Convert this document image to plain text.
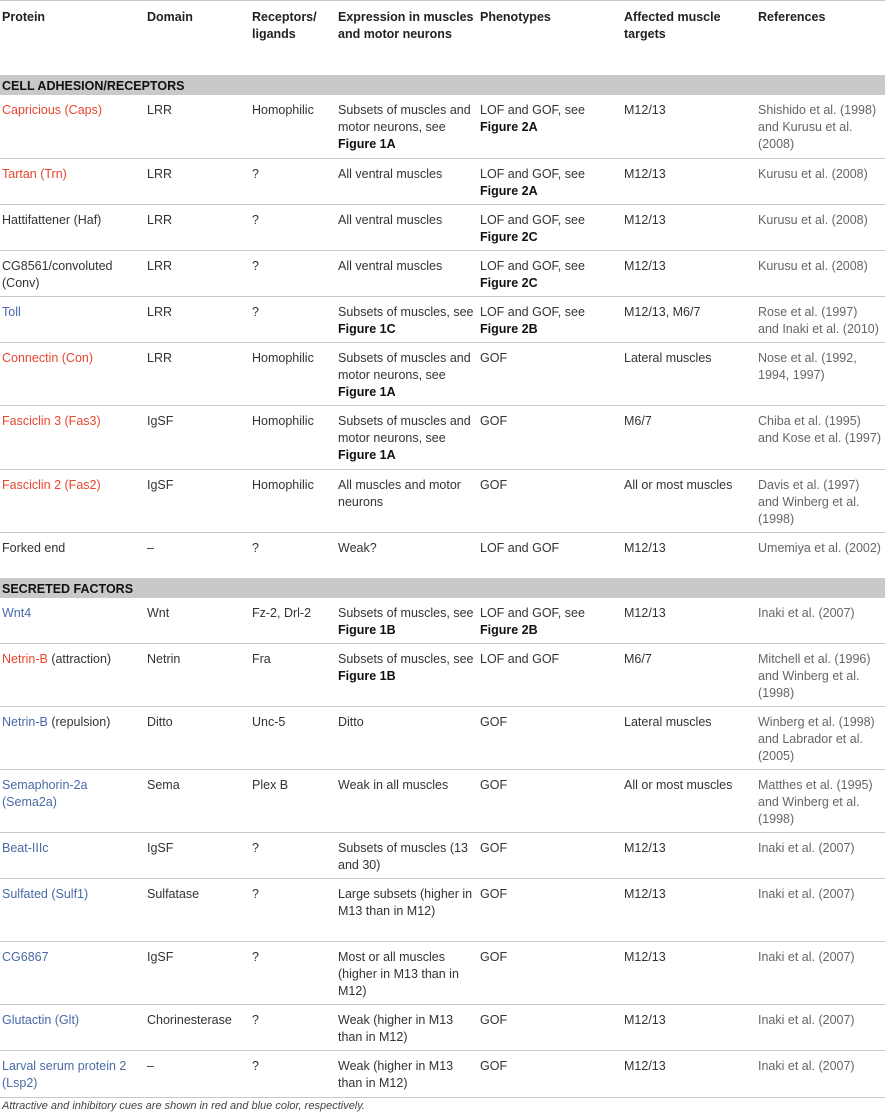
Protein	Domain	Receptors/ ligands	Expression in muscles and motor neurons	Phenotypes	Affected muscle targets	References
CELL ADHESION/RECEPTORS						
Capricious (Caps)	LRR	Homophilic	Subsets of muscles and motor neurons, see Figure 1A	LOF and GOF, see Figure 2A	M12/13	Shishido et al. (1998) and Kurusu et al. (2008)
Tartan (Trn)	LRR	?	All ventral muscles	LOF and GOF, see Figure 2A	M12/13	Kurusu et al. (2008)
Hattifattener (Haf)	LRR	?	All ventral muscles	LOF and GOF, see Figure 2C	M12/13	Kurusu et al. (2008)
CG8561/convoluted (Conv)	LRR	?	All ventral muscles	LOF and GOF, see Figure 2C	M12/13	Kurusu et al. (2008)
Toll	LRR	?	Subsets of muscles, see Figure 1C	LOF and GOF, see Figure 2B	M12/13, M6/7	Rose et al. (1997) and Inaki et al. (2010)
Connectin (Con)	LRR	Homophilic	Subsets of muscles and motor neurons, see Figure 1A	GOF	Lateral muscles	Nose et al. (1992, 1994, 1997)
Fasciclin 3 (Fas3)	IgSF	Homophilic	Subsets of muscles and motor neurons, see Figure 1A	GOF	M6/7	Chiba et al. (1995) and Kose et al. (1997)
Fasciclin 2 (Fas2)	IgSF	Homophilic	All muscles and motor neurons	GOF	All or most muscles	Davis et al. (1997) and Winberg et al. (1998)
Forked end	–	?	Weak?	LOF and GOF	M12/13	Umemiya et al. (2002)
SECRETED FACTORS						
Wnt4	Wnt	Fz-2, Drl-2	Subsets of muscles, see Figure 1B	LOF and GOF, see Figure 2B	M12/13	Inaki et al. (2007)
Netrin-B (attraction)	Netrin	Fra	Subsets of muscles, see Figure 1B	LOF and GOF	M6/7	Mitchell et al. (1996) and Winberg et al. (1998)
Netrin-B (repulsion)	Ditto	Unc-5	Ditto	GOF	Lateral muscles	Winberg et al. (1998) and Labrador et al. (2005)
Semaphorin-2a (Sema2a)	Sema	Plex B	Weak in all muscles	GOF	All or most muscles	Matthes et al. (1995) and Winberg et al. (1998)
Beat-IIIc	IgSF	?	Subsets of muscles (13 and 30)	GOF	M12/13	Inaki et al. (2007)
Sulfated (Sulf1)	Sulfatase	?	Large subsets (higher in M13 than in M12)	GOF	M12/13	Inaki et al. (2007)
CG6867	IgSF	?	Most or all muscles (higher in M13 than in M12)	GOF	M12/13	Inaki et al. (2007)
Glutactin (Glt)	Chorinesterase	?	Weak (higher in M13 than in M12)	GOF	M12/13	Inaki et al. (2007)
Larval serum protein 2 (Lsp2)	–	?	Weak (higher in M13 than in M12)	GOF	M12/13	Inaki et al. (2007)
Attractive and inhibitory cues are shown in red and blue color, respectively.
